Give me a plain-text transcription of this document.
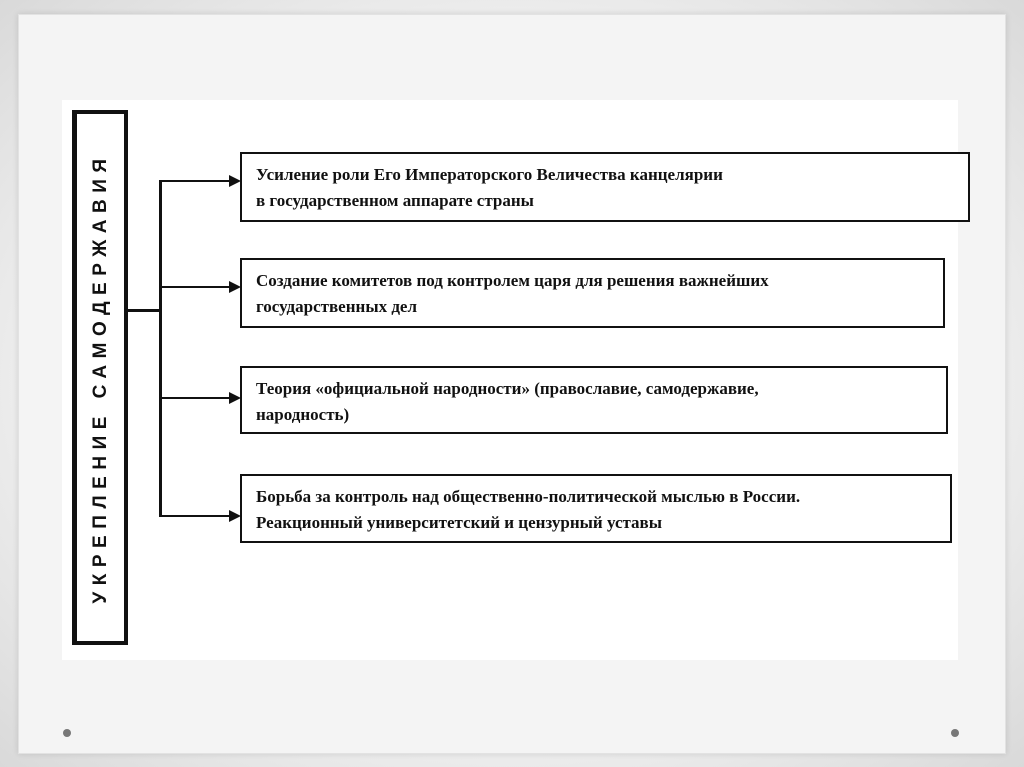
УКРЕПЛЕНИЕ САМОДЕРЖАВИЯ	Усиление роли Его Императорского Величества канцелярии
в государственном аппарате страны
Создание комитетов под контролем царя для решения важнейших
государственных дел
Теория «официальной народности» (православие, самодержавие,
народность)
Борьба за контроль над общественно-политической мыслью в России.
Реакционный университетский и цензурный уставы
